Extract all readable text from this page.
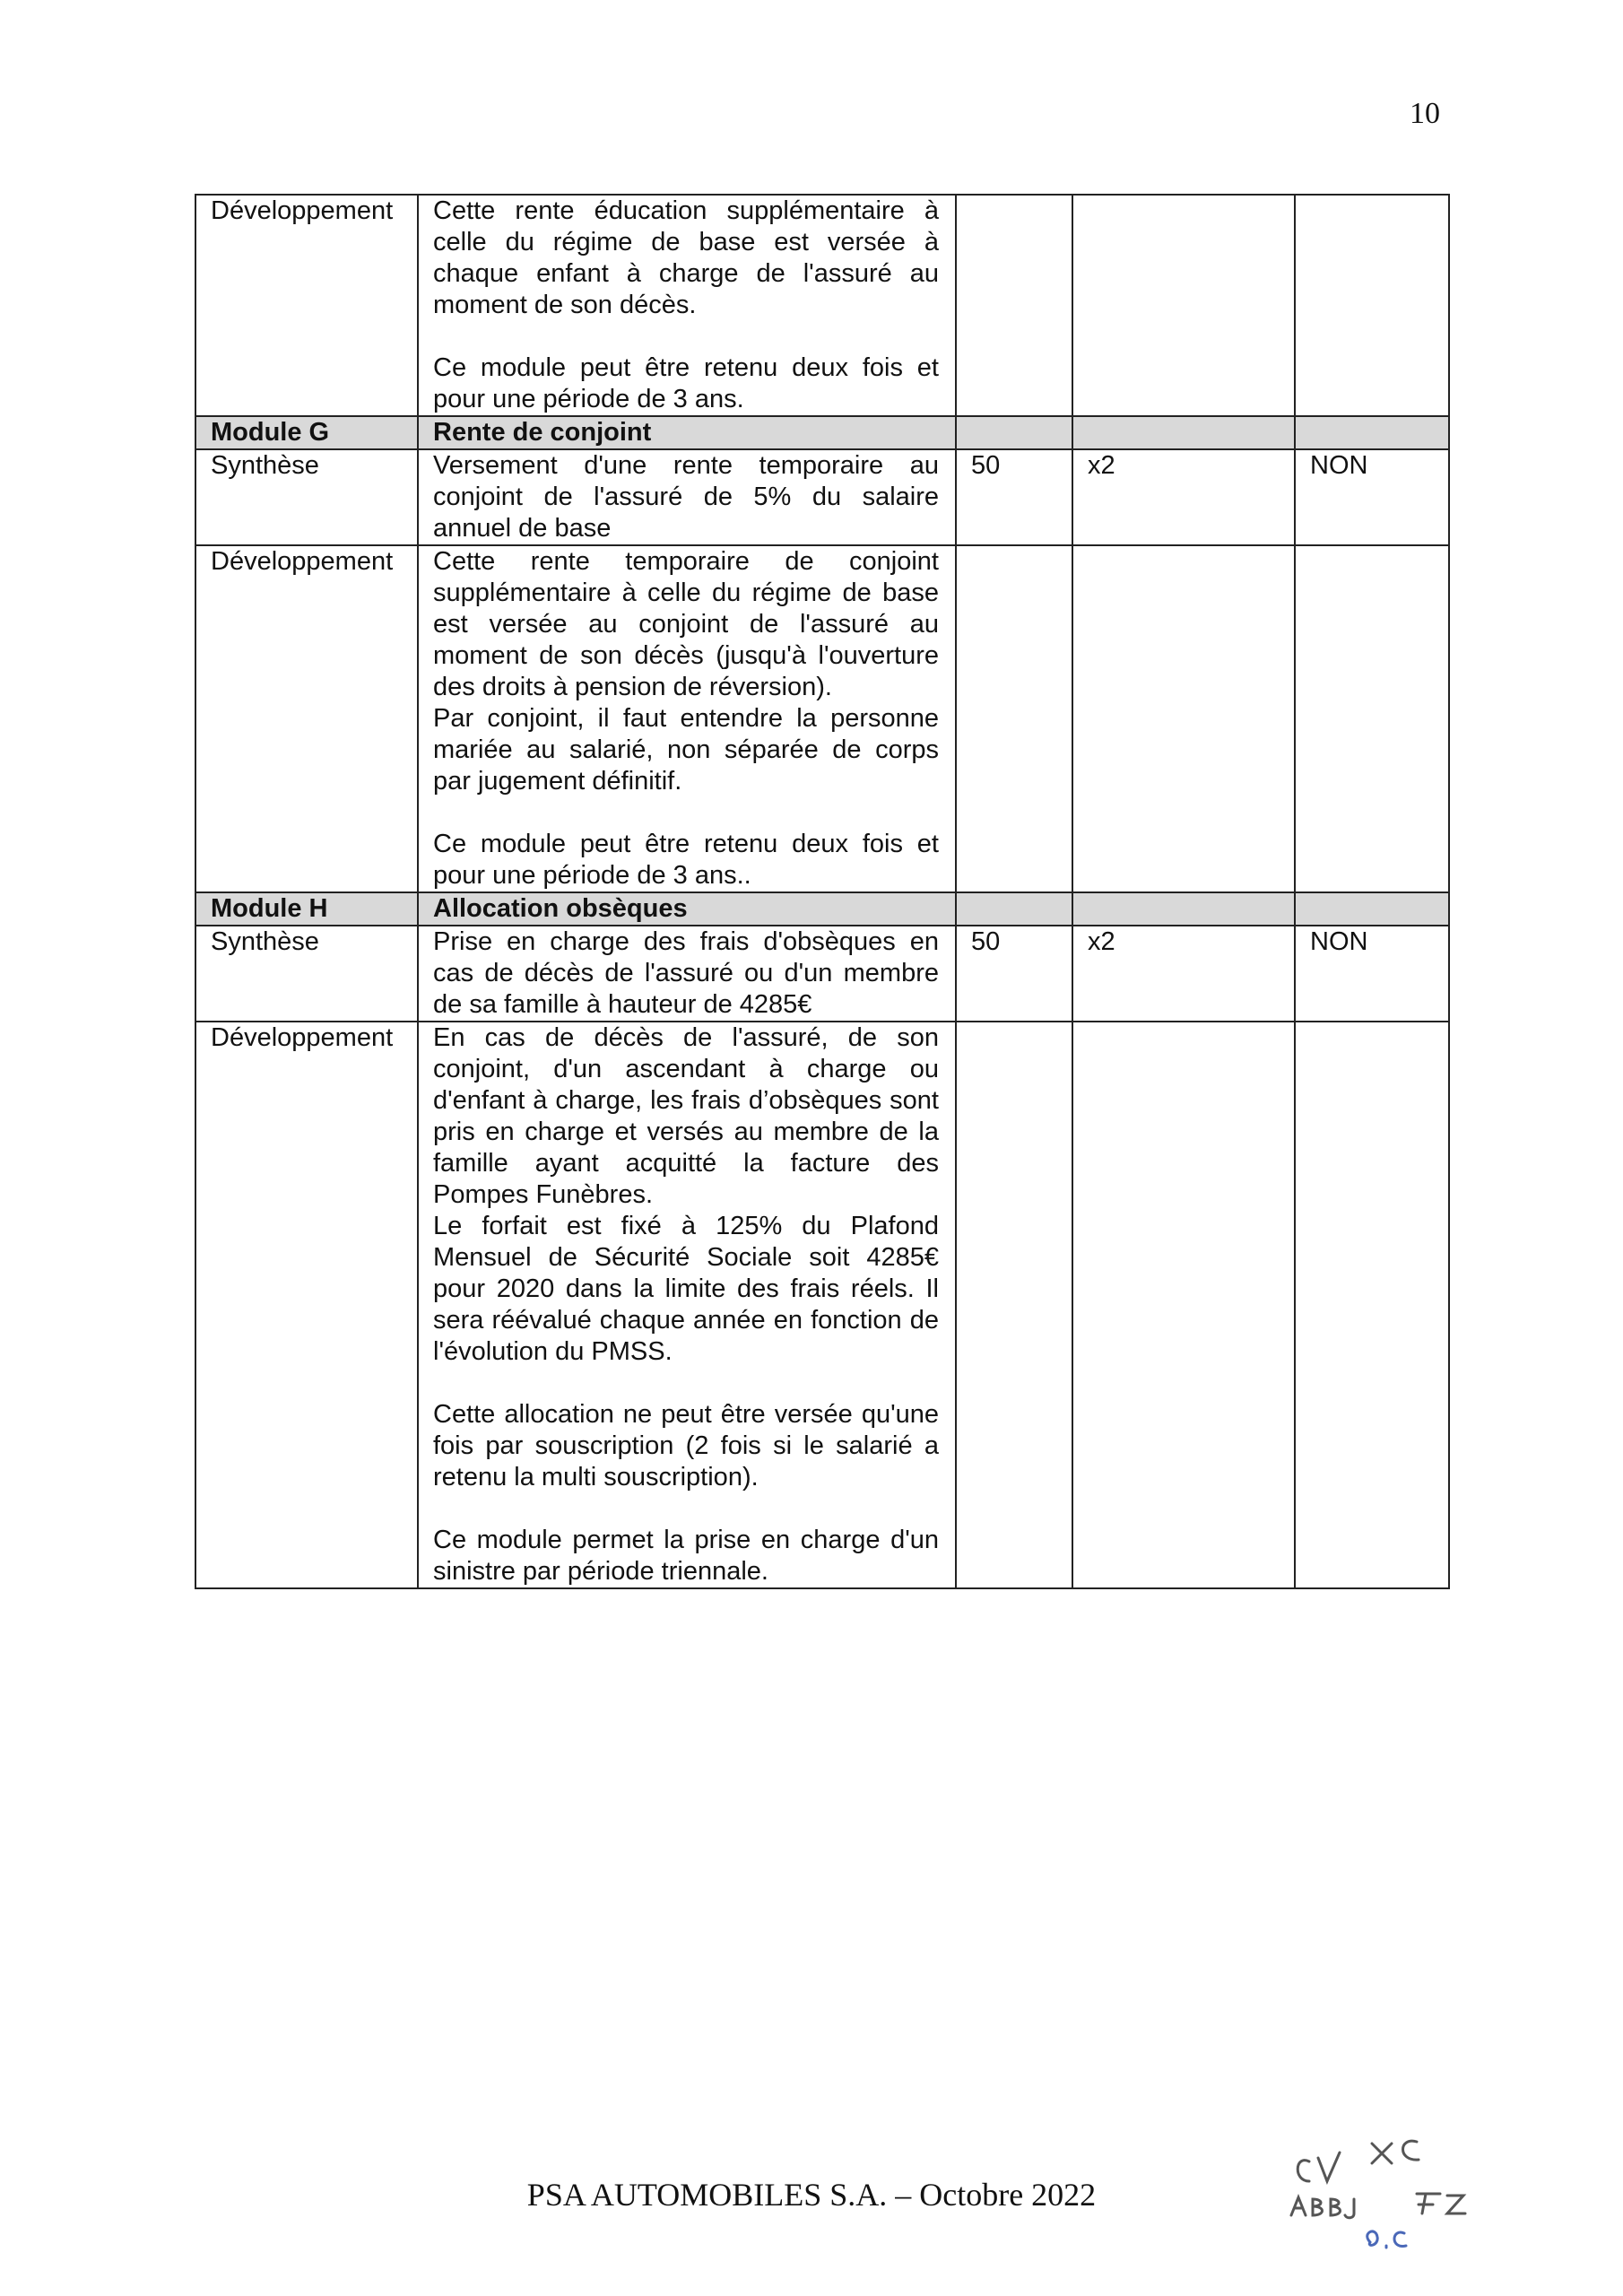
10
Développement	Cette rente éducation supplémentaire à celle du régime de base est versée à chaque enfant à charge de l'assuré au moment de son décès.

Ce module peut être retenu deux fois et pour une période de 3 ans.			

Module G	Rente de conjoint			
Synthèse	Versement d'une rente temporaire au conjoint de l'assuré de 5% du salaire annuel de base	50	x2	NON
Développement	Cette rente temporaire de conjoint supplémentaire à celle du régime de base est versée au conjoint de l'assuré au moment de son décès (jusqu'à l'ouverture des droits à pension de réversion).

Par conjoint, il faut entendre la personne mariée au salarié, non séparée de corps par jugement définitif.

Ce module peut être retenu deux fois et pour une période de 3 ans..			

Module H	Allocation obsèques			
Synthèse	Prise en charge des frais d'obsèques en cas de décès de l'assuré ou d'un membre de sa famille à hauteur de 4285€	50	x2	NON
Développement	En cas de décès de l'assuré, de son conjoint, d'un ascendant à charge ou d'enfant à charge, les frais d’obsèques sont pris en charge et versés au membre de la famille ayant acquitté la facture des Pompes Funèbres.

Le forfait est fixé à 125% du Plafond Mensuel de Sécurité Sociale soit 4285€ pour 2020 dans la limite des frais réels. Il sera réévalué chaque année en fonction de l'évolution du PMSS.

Cette allocation ne peut être versée qu'une fois par souscription (2 fois si le salarié a retenu la multi souscription).

Ce module permet la prise en charge d'un sinistre par période triennale.			

PSA AUTOMOBILES S.A. – Octobre 2022
